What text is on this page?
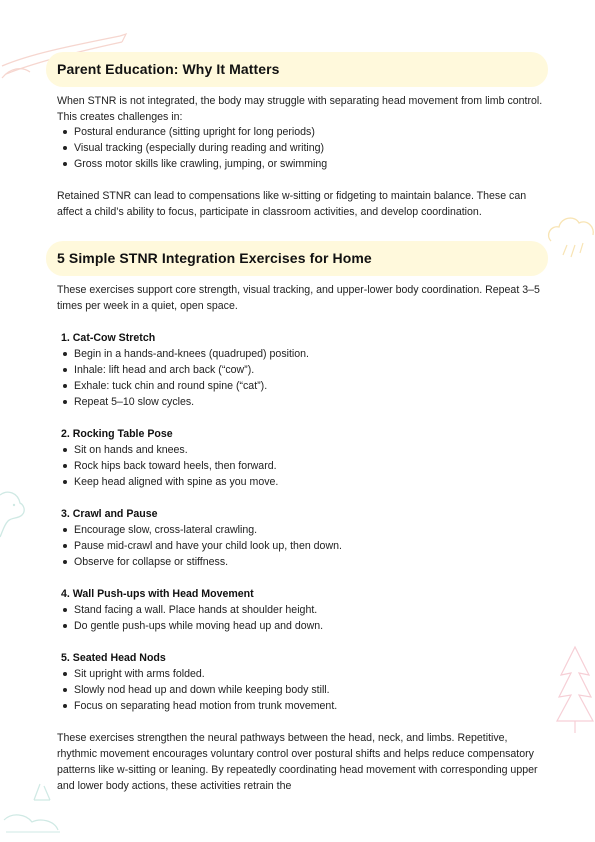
Parent Education: Why It Matters

When STNR is not integrated, the body may struggle with separating head movement from limb control. This creates challenges in:

Postural endurance (sitting upright for long periods)
Visual tracking (especially during reading and writing)
Gross motor skills like crawling, jumping, or swimming

Retained STNR can lead to compensations like w-sitting or fidgeting to maintain balance. These can affect a child’s ability to focus, participate in classroom activities, and develop coordination.

5 Simple STNR Integration Exercises for Home

These exercises support core strength, visual tracking, and upper-lower body coordination. Repeat 3–5 times per week in a quiet, open space.

1. Cat-Cow Stretch

Begin in a hands-and-knees (quadruped) position.
Inhale: lift head and arch back (“cow”).
Exhale: tuck chin and round spine (“cat”).
Repeat 5–10 slow cycles.

2. Rocking Table Pose

Sit on hands and knees.
Rock hips back toward heels, then forward.
Keep head aligned with spine as you move.

3. Crawl and Pause

Encourage slow, cross-lateral crawling.
Pause mid-crawl and have your child look up, then down.
Observe for collapse or stiffness.

4. Wall Push-ups with Head Movement

Stand facing a wall. Place hands at shoulder height.
Do gentle push-ups while moving head up and down.

5. Seated Head Nods

Sit upright with arms folded.
Slowly nod head up and down while keeping body still.
Focus on separating head motion from trunk movement.

These exercises strengthen the neural pathways between the head, neck, and limbs. Repetitive, rhythmic movement encourages voluntary control over postural shifts and helps reduce compensatory patterns like w-sitting or leaning. By repeatedly coordinating head movement with corresponding upper and lower body actions, these activities retrain the
